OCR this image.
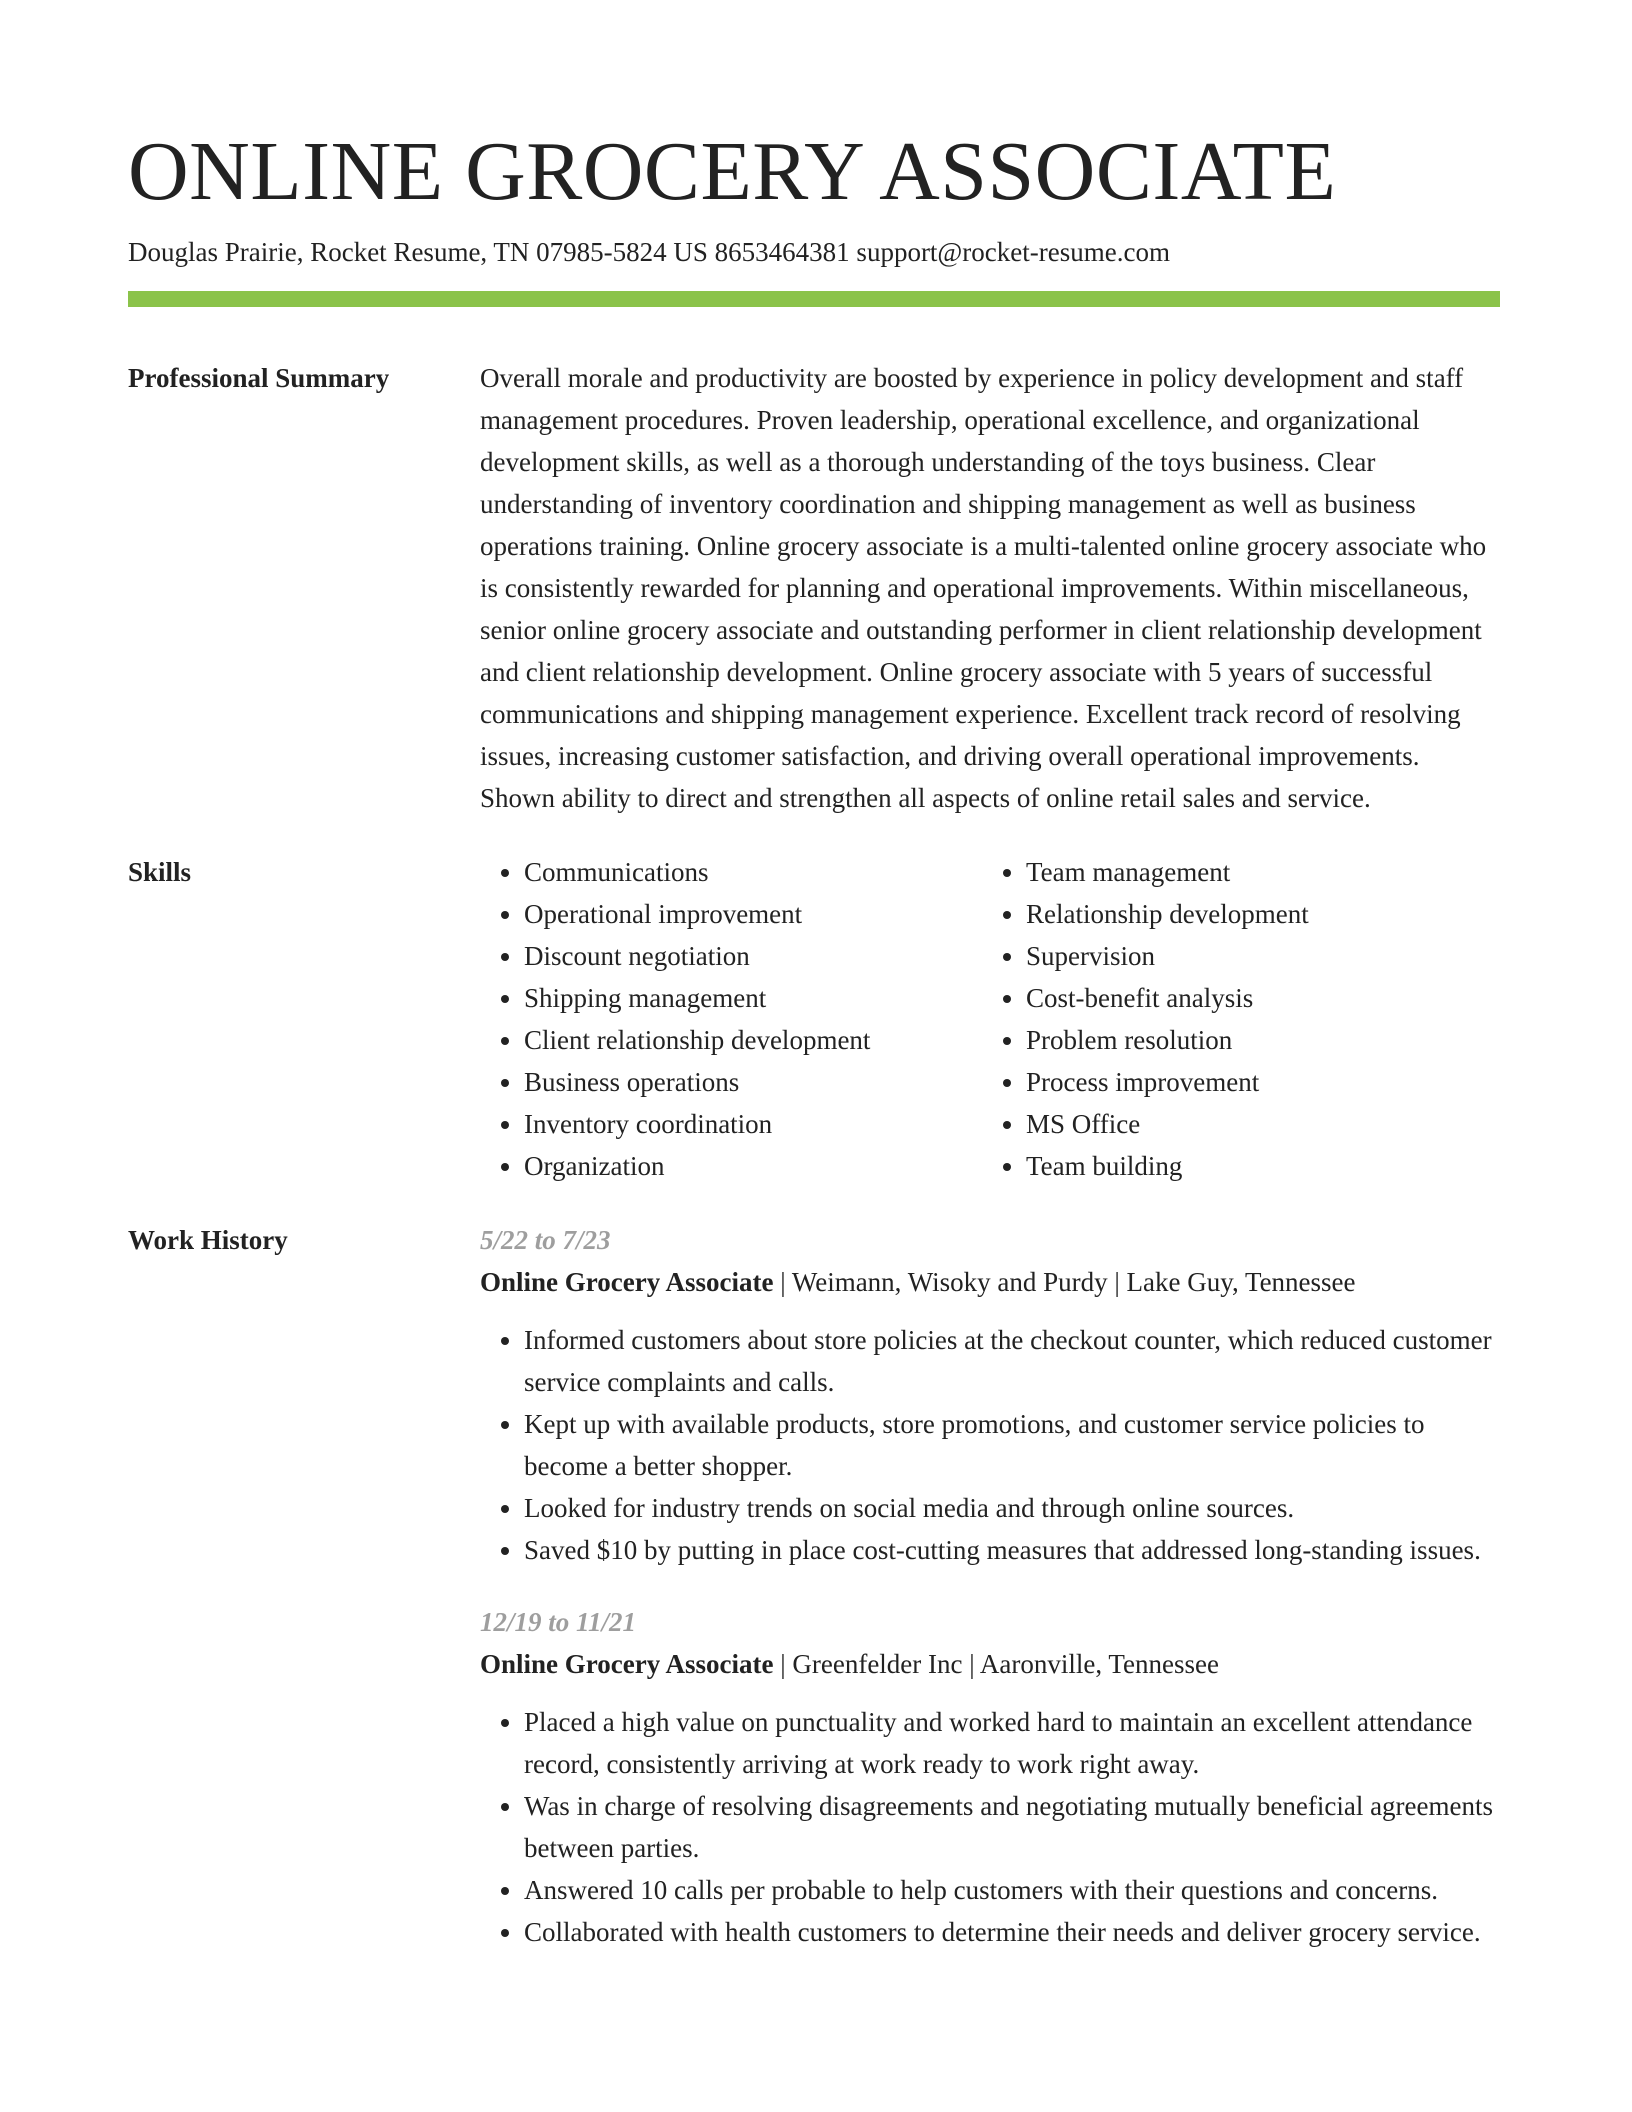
ONLINE GROCERY ASSOCIATE
Douglas Prairie, Rocket Resume, TN 07985-5824 US 8653464381 support@rocket-resume.com
Professional Summary	Overall morale and productivity are boosted by experience in policy development and staff management procedures. Proven leadership, operational excellence, and organizational development skills, as well as a thorough understanding of the toys business. Clear understanding of inventory coordination and shipping management as well as business operations training. Online grocery associate is a multi-talented online grocery associate who is consistently rewarded for planning and operational improvements. Within miscellaneous, senior online grocery associate and outstanding performer in client relationship development and client relationship development. Online grocery associate with 5 years of successful communications and shipping management experience. Excellent track record of resolving issues, increasing customer satisfaction, and driving overall operational improvements. Shown ability to direct and strengthen all aspects of online retail sales and service.

Skills
•	Communications
• Operational improvement
• Discount negotiation
• Shipping management
• Client relationship development
• Business operations
• Inventory coordination
• Organization
• Team management
• Relationship development
• Supervision
• Cost-benefit analysis
• Problem resolution
• Process improvement
• MS Office
• Team building
Work History	5/22 to 7/23
Online Grocery Associate | Weimann, Wisoky and Purdy | Lake Guy, Tennessee
• Informed customers about store policies at the checkout counter, which reduced customer service complaints and calls.
• Kept up with available products, store promotions, and customer service policies to become a better shopper.
• Looked for industry trends on social media and through online sources.
• Saved $10 by putting in place cost-cutting measures that addressed long-standing issues.
12/19 to 11/21
Online Grocery Associate | Greenfelder Inc | Aaronville, Tennessee
• Placed a high value on punctuality and worked hard to maintain an excellent attendance record, consistently arriving at work ready to work right away.
• Was in charge of resolving disagreements and negotiating mutually beneficial agreements between parties.
• Answered 10 calls per probable to help customers with their questions and concerns.
• Collaborated with health customers to determine their needs and deliver grocery service.
